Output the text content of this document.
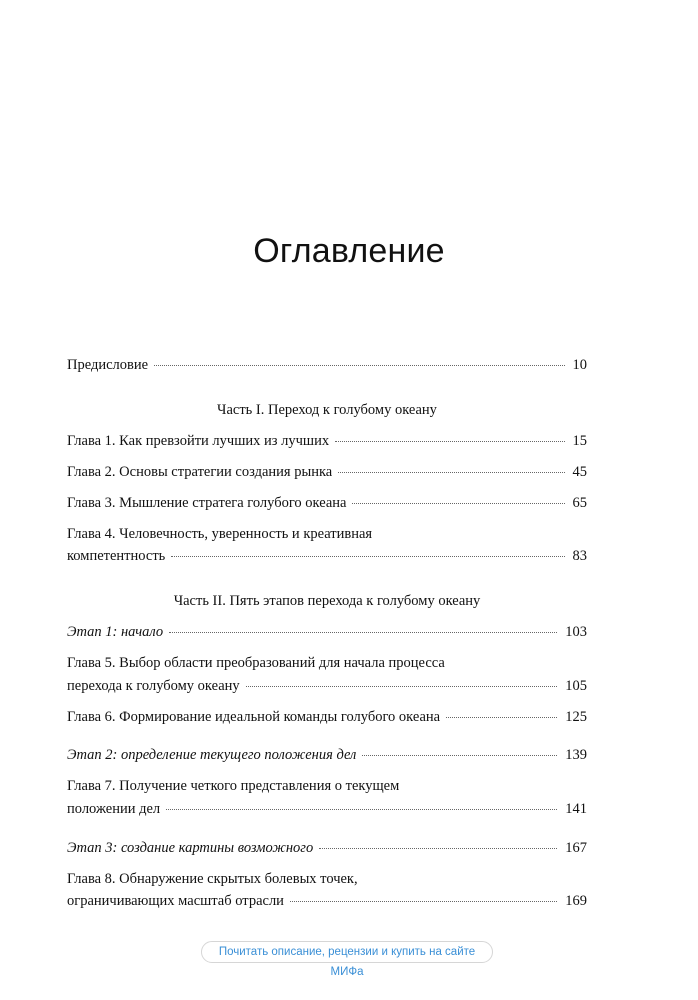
Оглавление
Предисловие	10
Часть I. Переход к голубому океану
Глава 1. Как превзойти лучших из лучших	15
Глава 2. Основы стратегии создания рынка	45
Глава 3. Мышление стратега голубого океана	65
Глава 4. Человечность, уверенность и креативная
компетентность	83
Часть II. Пять этапов перехода к голубому океану
Этап 1: начало	103
Глава 5. Выбор области преобразований для начала процесса
перехода к голубому океану	105
Глава 6. Формирование идеальной команды голубого океана	125
Этап 2: определение текущего положения дел	139
Глава 7. Получение четкого представления о текущем
положении дел	141
Этап 3: создание картины возможного	167
Глава 8. Обнаружение скрытых болевых точек,
ограничивающих масштаб отрасли	169
Почитать описание, рецензии и купить на сайте МИФа
